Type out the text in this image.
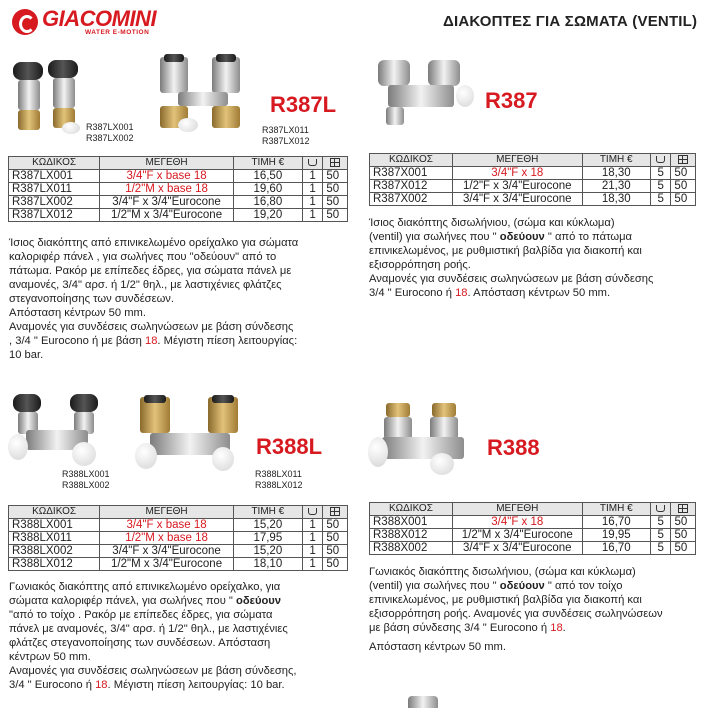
GIACOMINI
WATER E-MOTION
ΔΙΑΚΟΠΤΕΣ ΓΙΑ ΣΩΜΑΤΑ (VENTIL)
R387LX001
R387LX002
R387L
R387LX011
R387LX012
ΚΩΔΙΚΟΣ	ΜΕΓΕΘΗ	ΤΙΜΗ €		
R387LX001	3/4"F x base 18	16,50	1	50
R387LX011	1/2"M x base 18	19,60	1	50
R387LX002	3/4"F x 3/4"Eurocone	16,80	1	50
R387LX012	1/2"M x 3/4"Eurocone	19,20	1	50
Ίσιος διακόπτης από επινικελωμένο ορείχαλκο για σώματα
καλοριφέρ πάνελ , για σωλήνες που "οδεύουν" από το
πάτωμα. Ρακόρ με επίπεδες έδρες, για σώματα πάνελ με
αναμονές, 3/4" αρσ. ή 1/2" θηλ., με λαστιχένιες φλάτζες
στεγανοποίησης των συνδέσεων.
Απόσταση κέντρων 50 mm.
Αναμονές για συνδέσεις σωληνώσεων με βάση σύνδεσης
, 3/4 " Eurocono ή με βάση 18. Μέγιστη πίεση λειτουργίας:
10 bar.
R387
ΚΩΔΙΚΟΣ	ΜΕΓΕΘΗ	ΤΙΜΗ €		
R387X001	3/4"F x 18	18,30	5	50
R387X012	1/2"F x 3/4"Eurocone	21,30	5	50
R387X002	3/4"F x 3/4"Eurocone	18,30	5	50
Ίσιος διακόπτης δισωλήνιου, (σώμα και κύκλωμα)
(ventil) για σωλήνες που " οδεύουν " από το πάτωμα
επινικελωμένος, με ρυθμιστική βαλβίδα για διακοπή και
εξισορρόπηση ροής.
Αναμονές για συνδέσεις σωληνώσεων με βάση σύνδεσης
3/4 " Eurocono ή 18. Απόσταση κέντρων 50 mm.
R388LX001
R388LX002
R388L
R388LX011
R388LX012
ΚΩΔΙΚΟΣ	ΜΕΓΕΘΗ	ΤΙΜΗ €		
R388LX001	3/4"F x base 18	15,20	1	50
R388LX011	1/2"M x base 18	17,95	1	50
R388LX002	3/4"F x 3/4"Eurocone	15,20	1	50
R388LX012	1/2"M x 3/4"Eurocone	18,10	1	50
Γωνιακός διακόπτης από επινικελωμένο ορείχαλκο, για
σώματα καλοριφέρ πάνελ, για σωλήνες που " οδεύουν
"από το τοίχο . Ρακόρ με επίπεδες έδρες, για σώματα
πάνελ με αναμονές, 3/4" αρσ. ή 1/2" θηλ., με λαστιχένιες
φλάτζες στεγανοποίησης των συνδέσεων. Απόσταση
κέντρων 50 mm.
Αναμονές για συνδέσεις σωληνώσεων με βάση σύνδεσης,
3/4 " Eurocono ή 18. Μέγιστη πίεση λειτουργίας: 10 bar.
R388
ΚΩΔΙΚΟΣ	ΜΕΓΕΘΗ	ΤΙΜΗ €		
R388X001	3/4"F x 18	16,70	5	50
R388X012	1/2"M x 3/4"Eurocone	19,95	5	50
R388X002	3/4"F x 3/4"Eurocone	16,70	5	50
Γωνιακός διακόπτης δισωλήνιου, (σώμα και κύκλωμα)
(ventil) για σωλήνες που " οδεύουν " από τον τοίχο
επινικελωμένος, με ρυθμιστική βαλβίδα για διακοπή και
εξισορρόπηση ροής. Αναμονές για συνδέσεις σωληνώσεων
με βάση σύνδεσης 3/4 " Eurocono ή 18.
Απόσταση κέντρων 50 mm.
